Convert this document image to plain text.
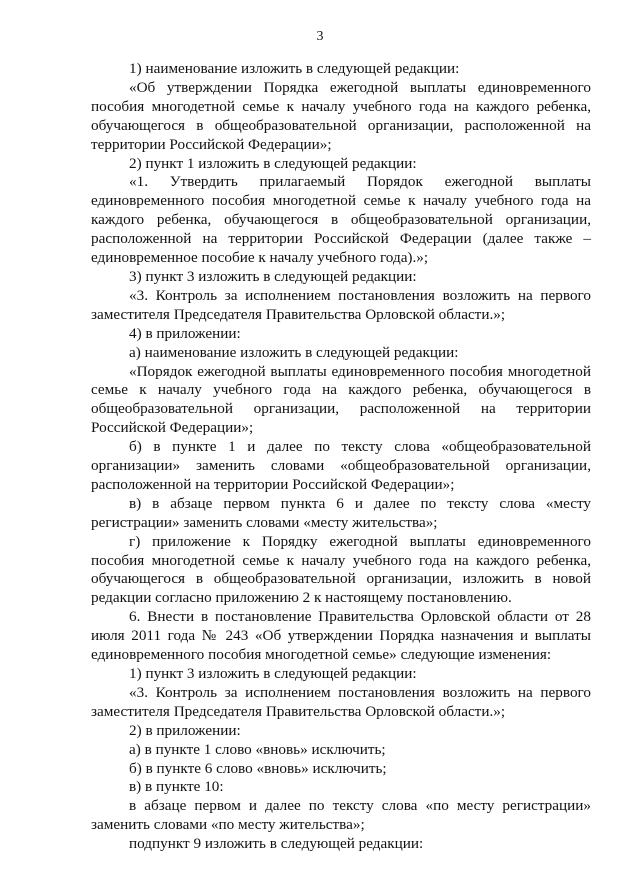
3

1) наименование изложить в следующей редакции:

«Об утверждении Порядка ежегодной выплаты единовременного пособия многодетной семье к началу учебного года на каждого ребенка, обучающегося в общеобразовательной организации, расположенной на территории Российской Федерации»;

2) пункт 1 изложить в следующей редакции:

«1. Утвердить прилагаемый Порядок ежегодной выплаты единовременного пособия многодетной семье к началу учебного года на каждого ребенка, обучающегося в общеобразовательной организации, расположенной на территории Российской Федерации (далее также – единовременное пособие к началу учебного года).»;

3) пункт 3 изложить в следующей редакции:

«3. Контроль за исполнением постановления возложить на первого заместителя Председателя Правительства Орловской области.»;

4) в приложении:

а) наименование изложить в следующей редакции:

«Порядок ежегодной выплаты единовременного пособия многодетной семье к началу учебного года на каждого ребенка, обучающегося в общеобразовательной организации, расположенной на территории Российской Федерации»;

б) в пункте 1 и далее по тексту слова «общеобразовательной организации» заменить словами «общеобразовательной организации, расположенной на территории Российской Федерации»;

в) в абзаце первом пункта 6 и далее по тексту слова «месту регистрации» заменить словами «месту жительства»;

г) приложение к Порядку ежегодной выплаты единовременного пособия многодетной семье к началу учебного года на каждого ребенка, обучающегося в общеобразовательной организации, изложить в новой редакции согласно приложению 2 к настоящему постановлению.

6. Внести в постановление Правительства Орловской области от 28 июля 2011 года № 243 «Об утверждении Порядка назначения и выплаты единовременного пособия многодетной семье» следующие изменения:

1) пункт 3 изложить в следующей редакции:

«3. Контроль за исполнением постановления возложить на первого заместителя Председателя Правительства Орловской области.»;

2) в приложении:

а) в пункте 1 слово «вновь» исключить;

б) в пункте 6 слово «вновь» исключить;

в) в пункте 10:

в абзаце первом и далее по тексту слова «по месту регистрации» заменить словами «по месту жительства»;

подпункт 9 изложить в следующей редакции:
